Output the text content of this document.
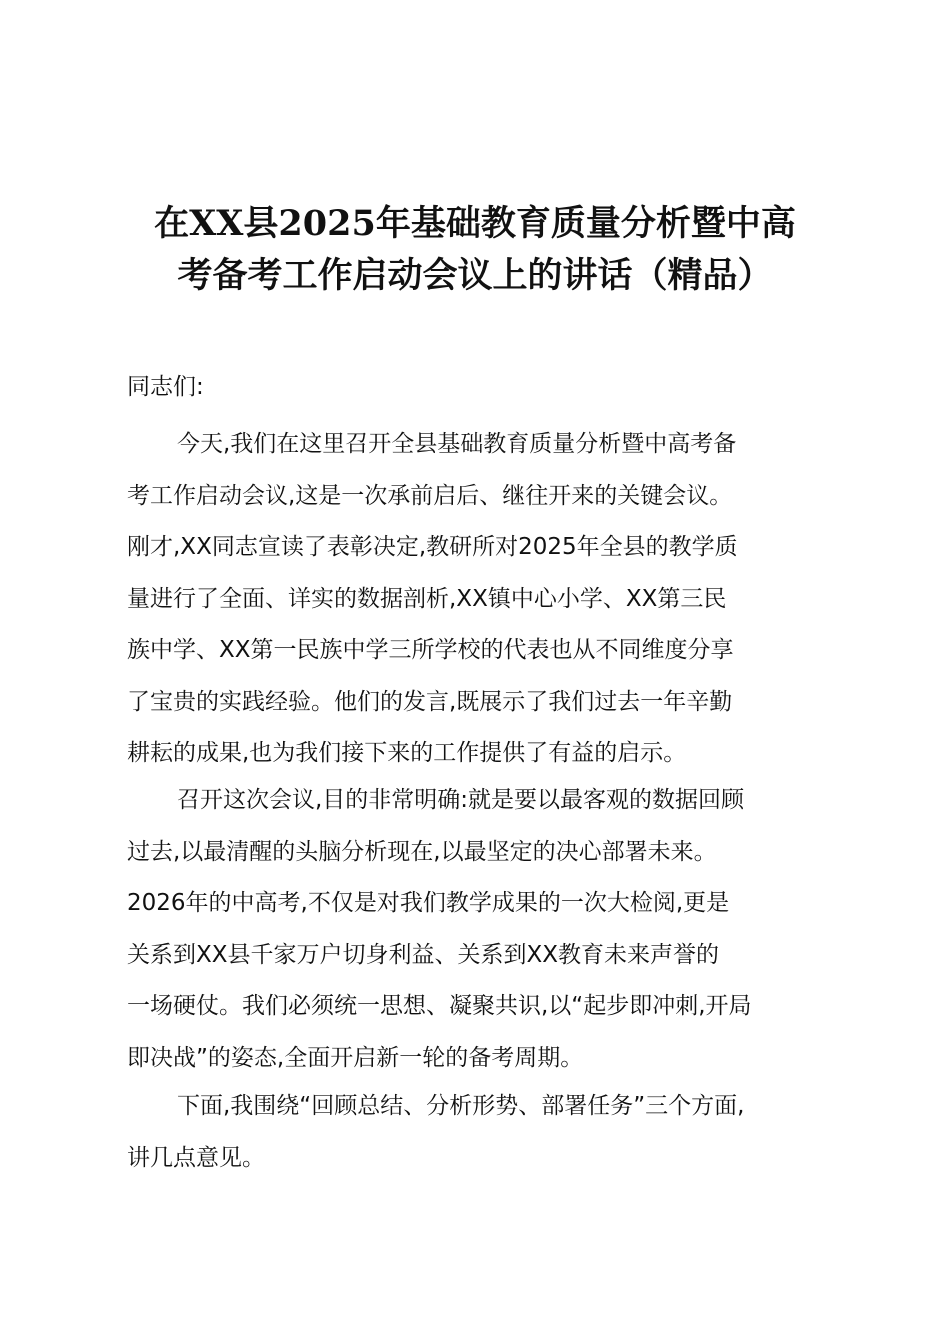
在XX县2025年基础教育质量分析暨中高
考备考工作启动会议上的讲话（精品）

同志们:

今天,我们在这里召开全县基础教育质量分析暨中高考备
考工作启动会议,这是一次承前启后、继往开来的关键会议。
刚才,XX同志宣读了表彰决定,教研所对2025年全县的教学质
量进行了全面、详实的数据剖析,XX镇中心小学、XX第三民
族中学、XX第一民族中学三所学校的代表也从不同维度分享
了宝贵的实践经验。他们的发言,既展示了我们过去一年辛勤
耕耘的成果,也为我们接下来的工作提供了有益的启示。

召开这次会议,目的非常明确:就是要以最客观的数据回顾
过去,以最清醒的头脑分析现在,以最坚定的决心部署未来。
2026年的中高考,不仅是对我们教学成果的一次大检阅,更是
关系到XX县千家万户切身利益、关系到XX教育未来声誉的
一场硬仗。我们必须统一思想、凝聚共识,以“起步即冲刺,开局
即决战”的姿态,全面开启新一轮的备考周期。

下面,我围绕“回顾总结、分析形势、部署任务”三个方面,
讲几点意见。
